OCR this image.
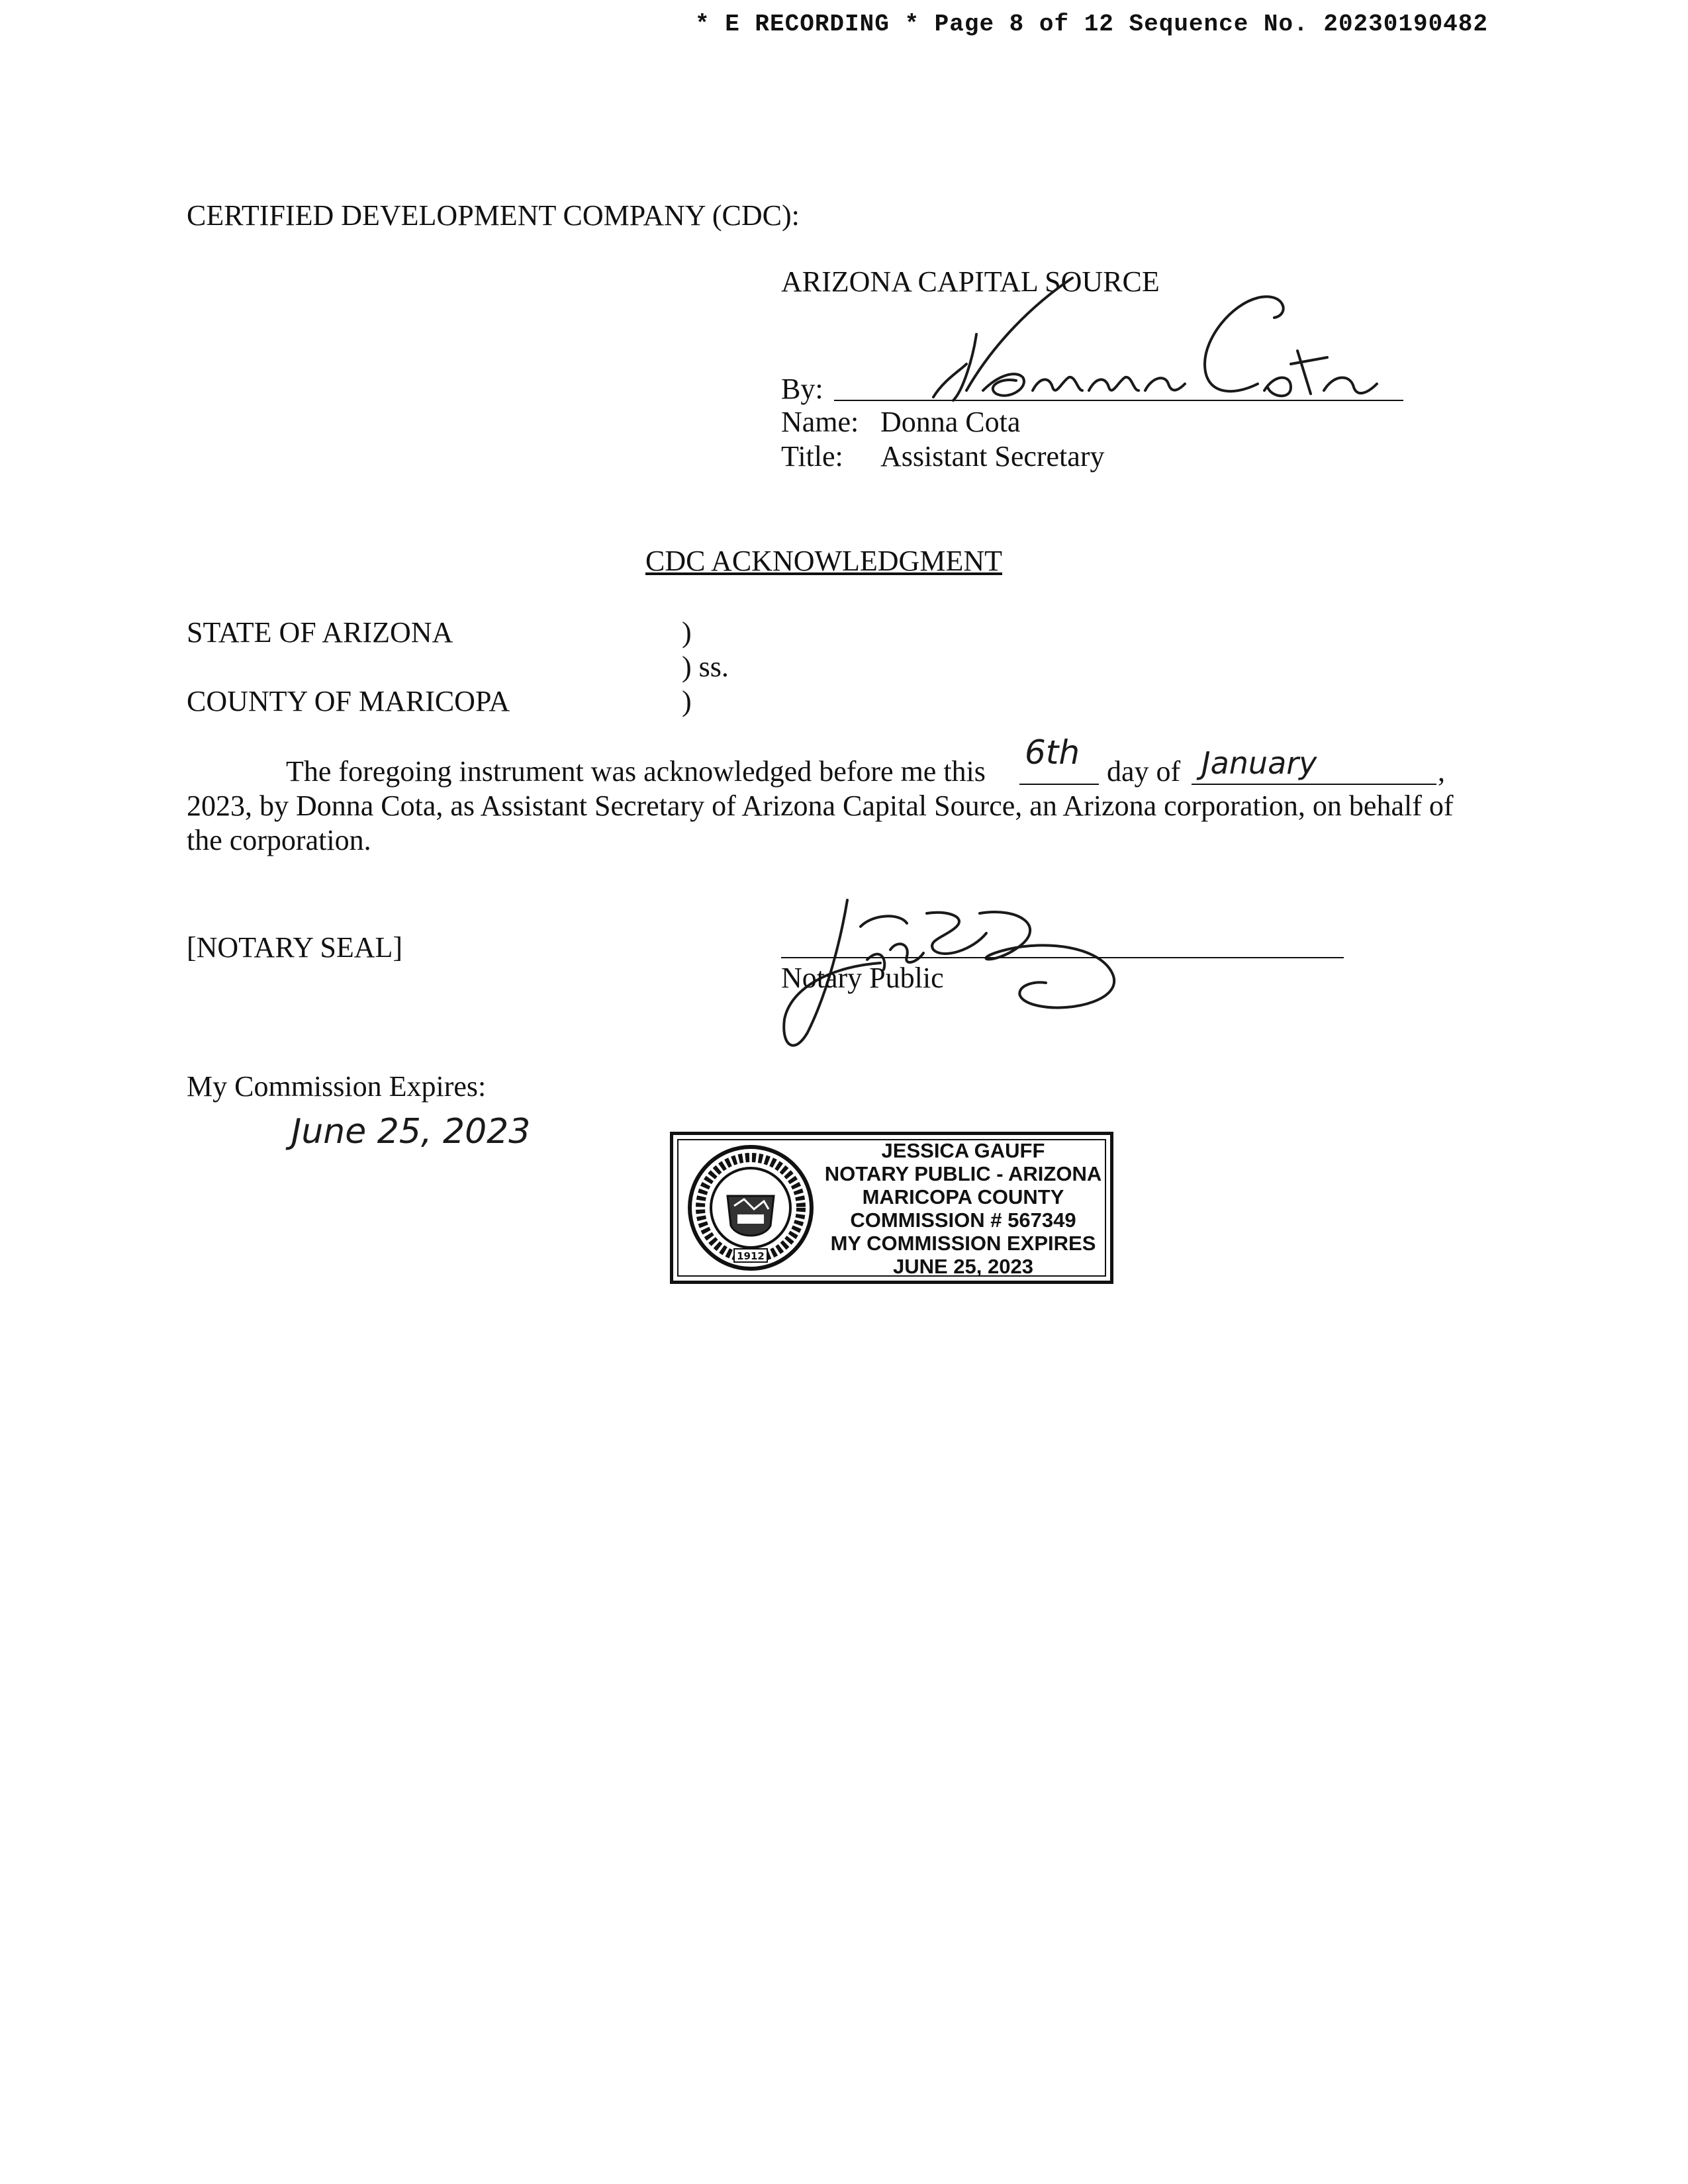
* E RECORDING * Page 8 of 12 Sequence No. 20230190482
CERTIFIED DEVELOPMENT COMPANY (CDC):
ARIZONA CAPITAL SOURCE
By:
Name: Donna Cota
Title: Assistant Secretary
CDC ACKNOWLEDGMENT
STATE OF ARIZONA	)
) ss.
COUNTY OF MARICOPA	)
The foregoing instrument was acknowledged before me this 6th day of January	,
2023, by Donna Cota, as Assistant Secretary of Arizona Capital Source, an Arizona corporation, on behalf of the corporation.
[NOTARY SEAL]
Notary Public
My Commission Expires:
June 25, 2023
1912
JESSICA GAUFF
NOTARY PUBLIC - ARIZONA
MARICOPA COUNTY
COMMISSION # 567349
MY COMMISSION EXPIRES
JUNE 25, 2023
